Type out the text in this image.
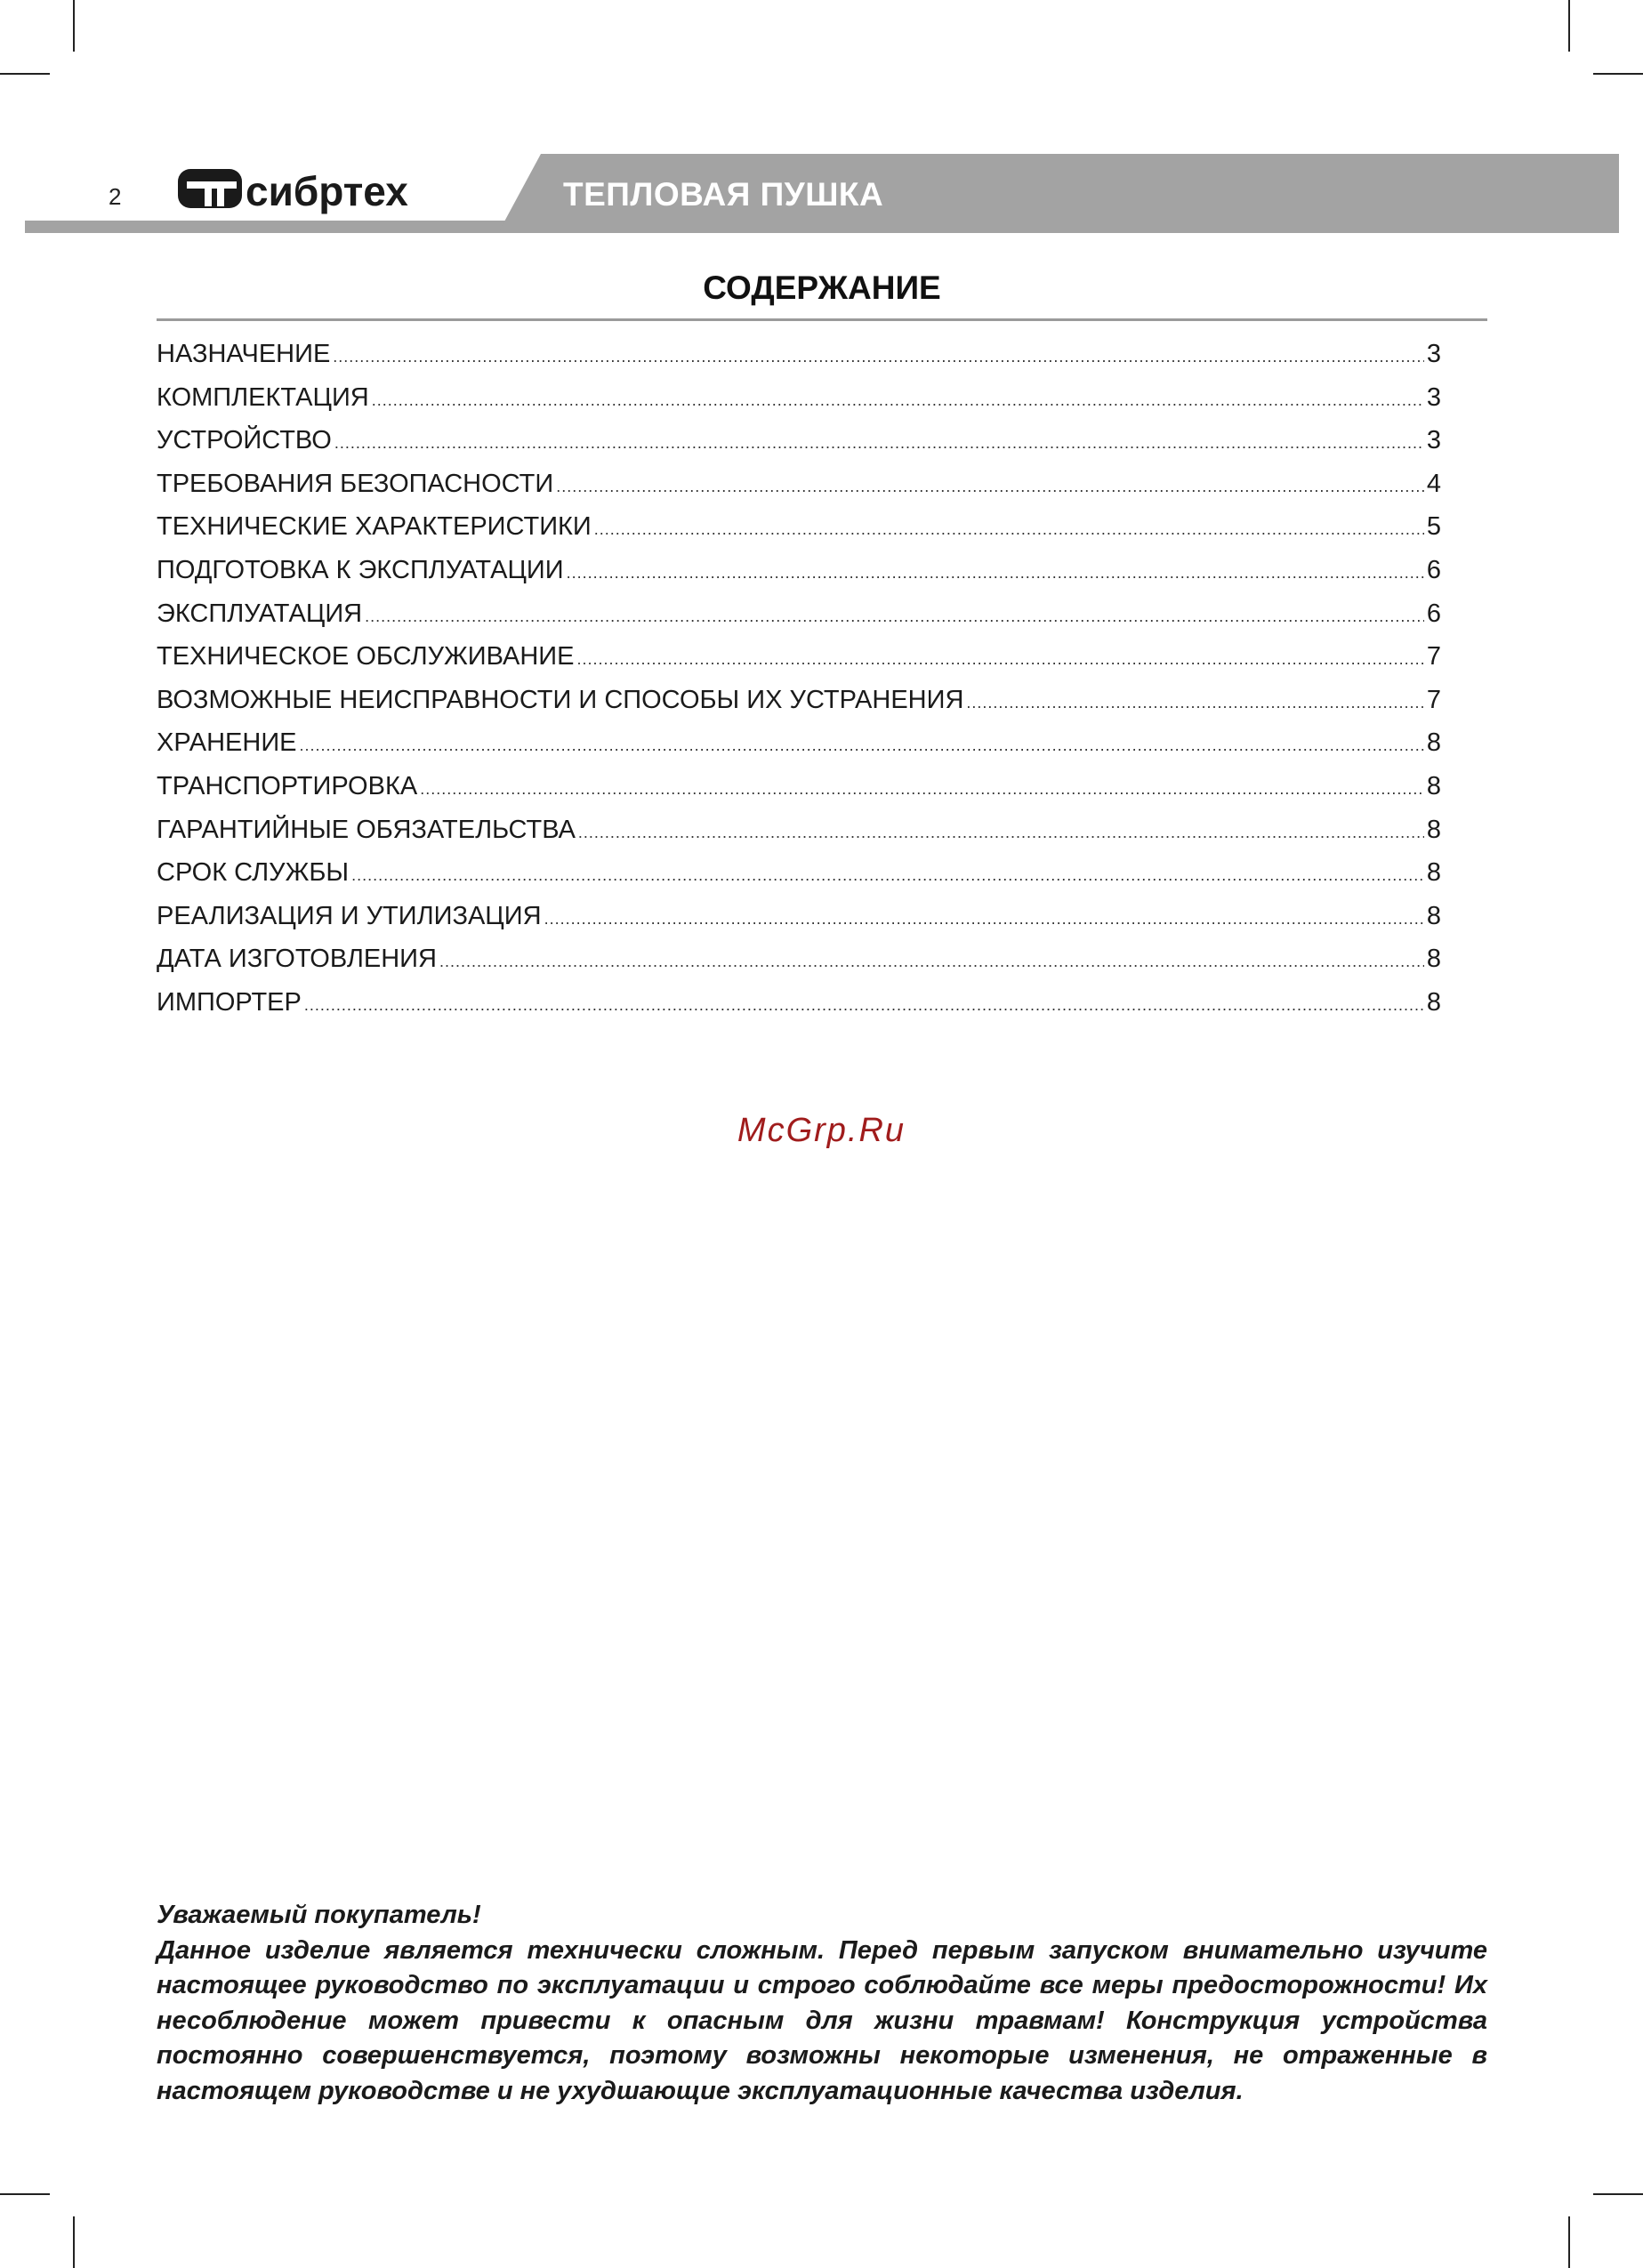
2	сибртех	ТЕПЛОВАЯ ПУШКА
СОДЕРЖАНИЕ
НАЗНАЧЕНИЕ .....	3
КОМПЛЕКТАЦИЯ .....	3
УСТРОЙСТВО .....	3
ТРЕБОВАНИЯ БЕЗОПАСНОСТИ .....	4
ТЕХНИЧЕСКИЕ ХАРАКТЕРИСТИКИ .....	5
ПОДГОТОВКА К ЭКСПЛУАТАЦИИ .....	6
ЭКСПЛУАТАЦИЯ .....	6
ТЕХНИЧЕСКОЕ ОБСЛУЖИВАНИЕ .....	7
ВОЗМОЖНЫЕ НЕИСПРАВНОСТИ И СПОСОБЫ ИХ УСТРАНЕНИЯ .....	7
ХРАНЕНИЕ .....	8
ТРАНСПОРТИРОВКА .....	8
ГАРАНТИЙНЫЕ ОБЯЗАТЕЛЬСТВА .....	8
СРОК СЛУЖБЫ .....	8
РЕАЛИЗАЦИЯ И УТИЛИЗАЦИЯ .....	8
ДАТА ИЗГОТОВЛЕНИЯ .....	8
ИМПОРТЕР .....	8
McGrp.Ru
Уважаемый покупатель!
Данное изделие является технически сложным. Перед первым запуском внимательно изучите настоящее руководство по эксплуатации и строго соблюдайте все меры предосторожности! Их несоблюдение может привести к опасным для жизни травмам! Конструкция устройства постоянно совершенствуется, поэтому возможны некоторые изменения, не отраженные в настоящем руководстве и не ухудшающие эксплуатационные качества изделия.
